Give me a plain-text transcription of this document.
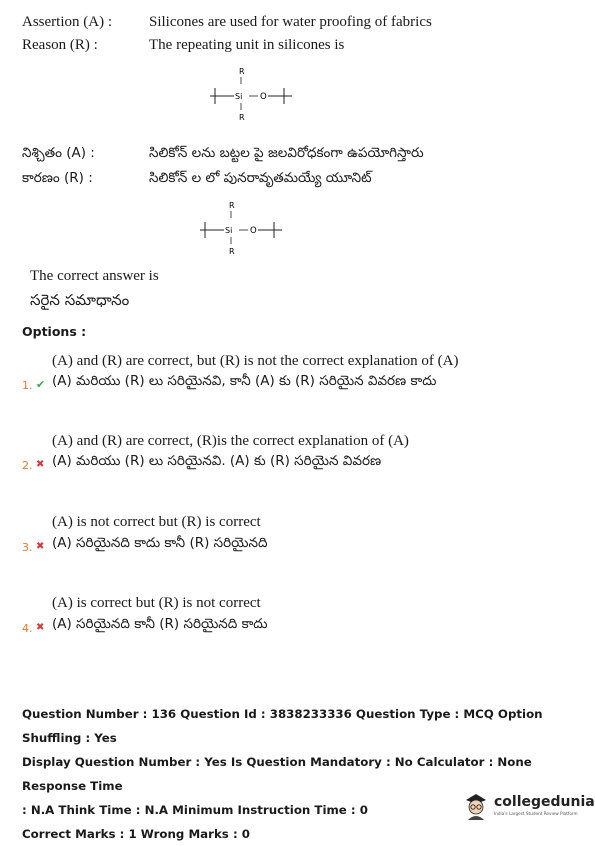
Assertion (A) :	Silicones are used for water proofing of fabrics
Reason (R) :	The repeating unit in silicones is
R
Si O
R
నిశ్చితం (A) :	సిలికోన్ లను బట్టల పై జలవిరోధకంగా ఉపయోగిస్తారు
కారణం (R) :	సిలికోన్ ల లో పునరావృతమయ్యే యూనిట్
R
Si O
R
The correct answer is
సరైన సమాధానం
Options :
(A) and (R) are correct, but (R) is not the correct explanation of (A)
1. ✔ (A) మరియు (R) లు సరియైనవి, కానీ (A) కు (R) సరియైన వివరణ కాదు
(A) and (R) are correct, (R)is the correct explanation of (A)
2. ✖ (A) మరియు (R) లు సరియైనవి. (A) కు (R) సరియైన వివరణ
(A) is not correct but (R) is correct
3. ✖ (A) సరియైనది కాదు కానీ (R) సరియైనది
(A) is correct but (R) is not correct
4. ✖ (A) సరియైనది కానీ (R) సరియైనది కాదు
Question Number : 136 Question Id : 3838233336 Question Type : MCQ Option Shuffling : Yes
Display Question Number : Yes Is Question Mandatory : No Calculator : None Response Time
: N.A Think Time : N.A Minimum Instruction Time : 0
Correct Marks : 1 Wrong Marks : 0
collegedunia
India's Largest Student Review Platform
